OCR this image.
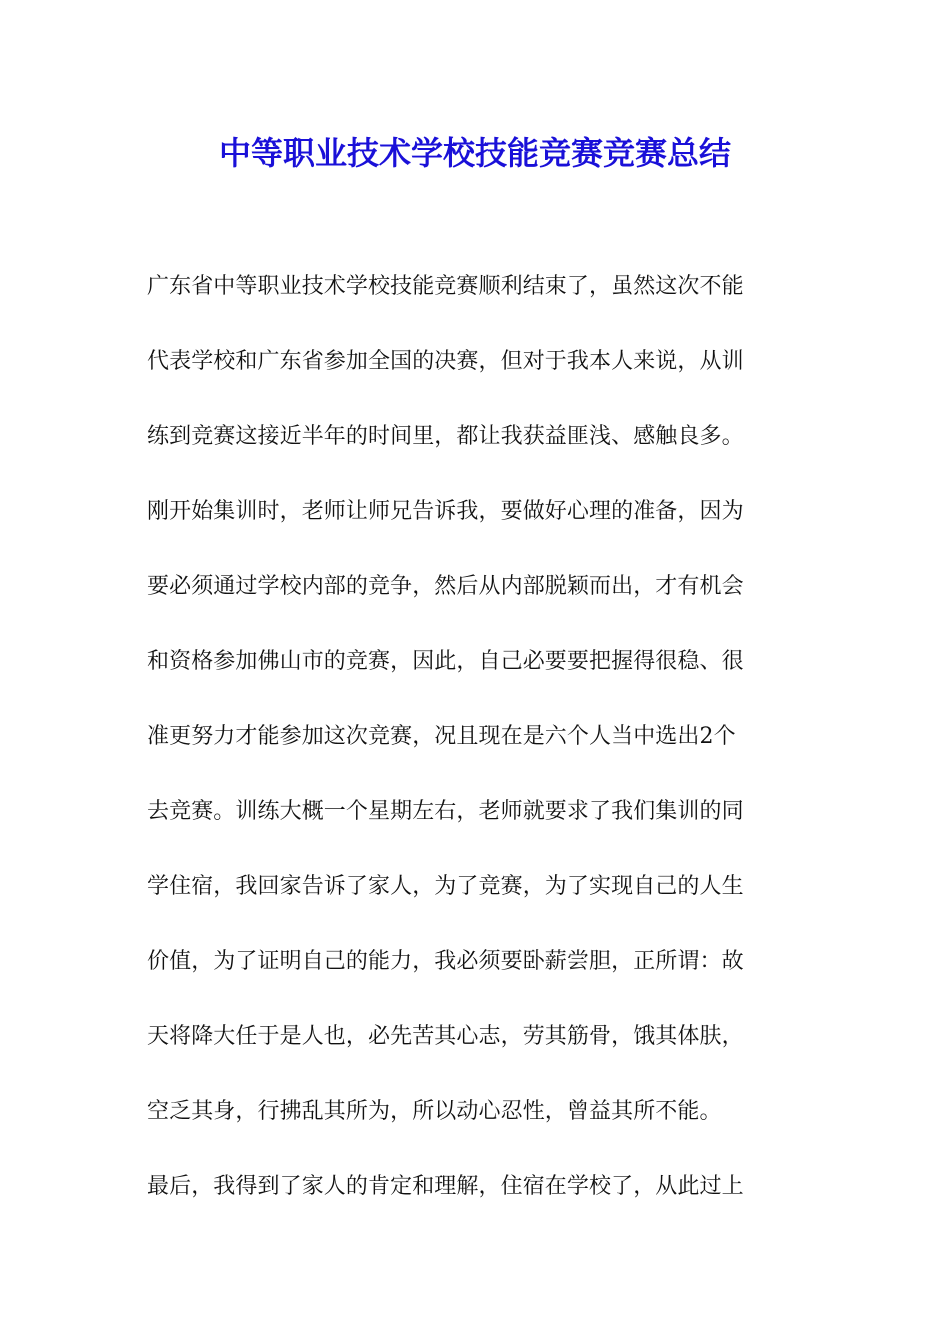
中等职业技术学校技能竞赛竞赛总结
广东省中等职业技术学校技能竞赛顺利结束了，虽然这次不能
代表学校和广东省参加全国的决赛，但对于我本人来说，从训
练到竞赛这接近半年的时间里，都让我获益匪浅、感触良多。
刚开始集训时，老师让师兄告诉我，要做好心理的准备，因为
要必须通过学校内部的竞争，然后从内部脱颖而出，才有机会
和资格参加佛山市的竞赛，因此，自己必要要把握得很稳、很
准更努力才能参加这次竞赛，况且现在是六个人当中选出2个
去竞赛。训练大概一个星期左右，老师就要求了我们集训的同
学住宿，我回家告诉了家人，为了竞赛，为了实现自己的人生
价值，为了证明自己的能力，我必须要卧薪尝胆，正所谓：故
天将降大任于是人也，必先苦其心志，劳其筋骨，饿其体肤，
空乏其身，行拂乱其所为，所以动心忍性，曾益其所不能。
最后，我得到了家人的肯定和理解，住宿在学校了，从此过上
